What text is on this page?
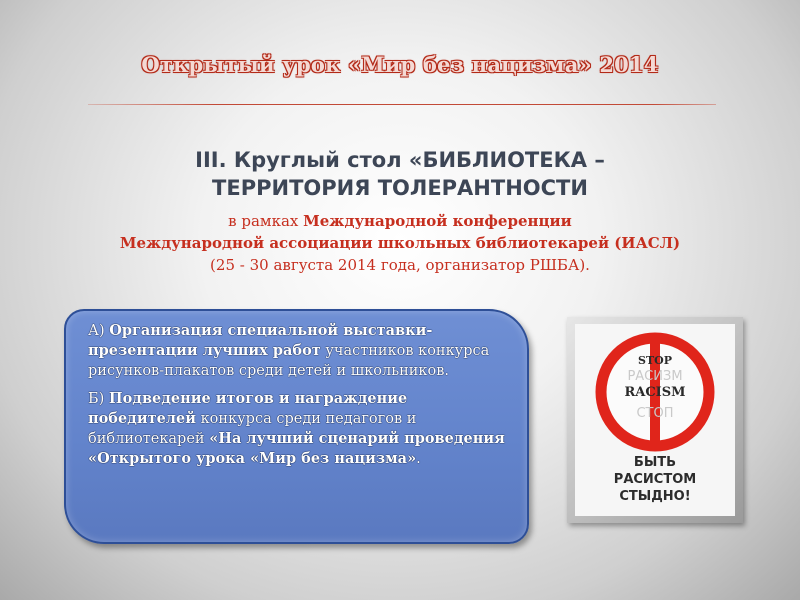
Открытый урок «Мир без нацизма» 2014
III. Круглый стол «БИБЛИОТЕКА –
ТЕРРИТОРИЯ ТОЛЕРАНТНОСТИ
в рамках Международной конференции
Международной ассоциации школьных библиотекарей (ИАСЛ)
(25 - 30 августа 2014 года, организатор РШБА).

А) Организация специальной выставки-презентации лучших работ участников конкурса рисунков-плакатов среди детей и школьников.

Б) Подведение итогов и награждение победителей конкурса среди педагогов и библиотекарей «На лучший сценарий проведения «Открытого урока «Мир без нацизма».

STOP
РАСИЗМ
RACISM
СТОП
БЫТЬ
РАСИСТОМ
СТЫДНО!
